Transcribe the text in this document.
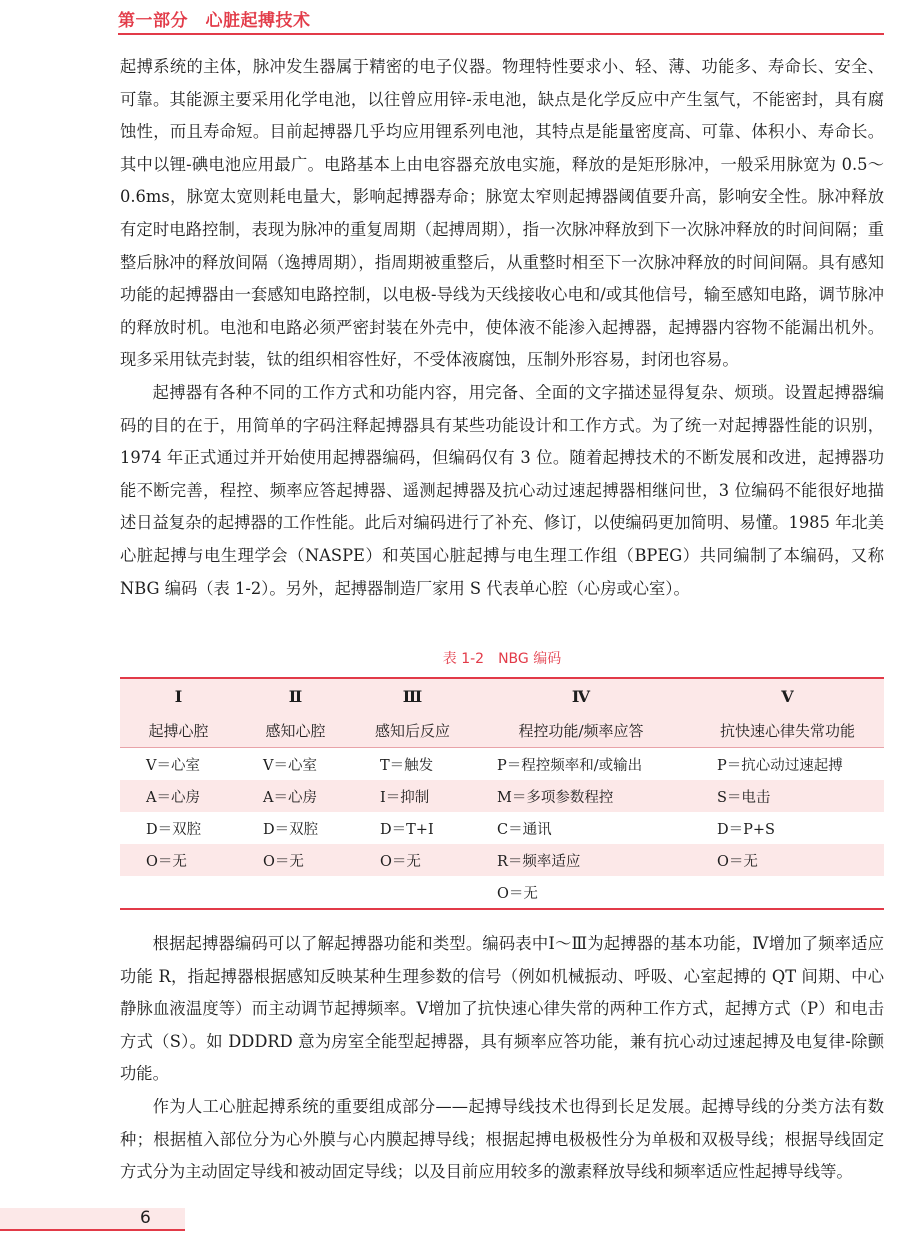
第一部分　心脏起搏技术

起搏系统的主体，脉冲发生器属于精密的电子仪器。物理特性要求小、轻、薄、功能多、寿命长、安全、可靠。其能源主要采用化学电池，以往曾应用锌-汞电池，缺点是化学反应中产生氢气，不能密封，具有腐蚀性，而且寿命短。目前起搏器几乎均应用锂系列电池，其特点是能量密度高、可靠、体积小、寿命长。其中以锂-碘电池应用最广。电路基本上由电容器充放电实施，释放的是矩形脉冲，一般采用脉宽为 0.5～0.6ms，脉宽太宽则耗电量大，影响起搏器寿命；脉宽太窄则起搏器阈值要升高，影响安全性。脉冲释放有定时电路控制，表现为脉冲的重复周期（起搏周期），指一次脉冲释放到下一次脉冲释放的时间间隔；重整后脉冲的释放间隔（逸搏周期），指周期被重整后，从重整时相至下一次脉冲释放的时间间隔。具有感知功能的起搏器由一套感知电路控制，以电极-导线为天线接收心电和/或其他信号，输至感知电路，调节脉冲的释放时机。电池和电路必须严密封装在外壳中，使体液不能渗入起搏器，起搏器内容物不能漏出机外。现多采用钛壳封装，钛的组织相容性好，不受体液腐蚀，压制外形容易，封闭也容易。

起搏器有各种不同的工作方式和功能内容，用完备、全面的文字描述显得复杂、烦琐。设置起搏器编码的目的在于，用简单的字码注释起搏器具有某些功能设计和工作方式。为了统一对起搏器性能的识别，1974 年正式通过并开始使用起搏器编码，但编码仅有 3 位。随着起搏技术的不断发展和改进，起搏器功能不断完善，程控、频率应答起搏器、遥测起搏器及抗心动过速起搏器相继问世，3 位编码不能很好地描述日益复杂的起搏器的工作性能。此后对编码进行了补充、修订，以使编码更加简明、易懂。1985 年北美心脏起搏与电生理学会（NASPE）和英国心脏起搏与电生理工作组（BPEG）共同编制了本编码，又称 NBG 编码（表 1-2）。另外，起搏器制造厂家用 S 代表单心腔（心房或心室）。

表 1-2　NBG 编码
Ⅰ	Ⅱ	Ⅲ	Ⅳ	Ⅴ
起搏心腔	感知心腔	感知后反应	程控功能/频率应答	抗快速心律失常功能
V＝心室	V＝心室	T＝触发	P＝程控频率和/或输出	P＝抗心动过速起搏
A＝心房	A＝心房	I＝抑制	M＝多项参数程控	S＝电击
D＝双腔	D＝双腔	D＝T+I	C＝通讯	D＝P+S
O＝无	O＝无	O＝无	R＝频率适应	O＝无
			O＝无	

根据起搏器编码可以了解起搏器功能和类型。编码表中Ⅰ～Ⅲ为起搏器的基本功能，Ⅳ增加了频率适应功能 R，指起搏器根据感知反映某种生理参数的信号（例如机械振动、呼吸、心室起搏的 QT 间期、中心静脉血液温度等）而主动调节起搏频率。Ⅴ增加了抗快速心律失常的两种工作方式，起搏方式（P）和电击方式（S）。如 DDDRD 意为房室全能型起搏器，具有频率应答功能，兼有抗心动过速起搏及电复律-除颤功能。

作为人工心脏起搏系统的重要组成部分——起搏导线技术也得到长足发展。起搏导线的分类方法有数种；根据植入部位分为心外膜与心内膜起搏导线；根据起搏电极极性分为单极和双极导线；根据导线固定方式分为主动固定导线和被动固定导线；以及目前应用较多的激素释放导线和频率适应性起搏导线等。

6
